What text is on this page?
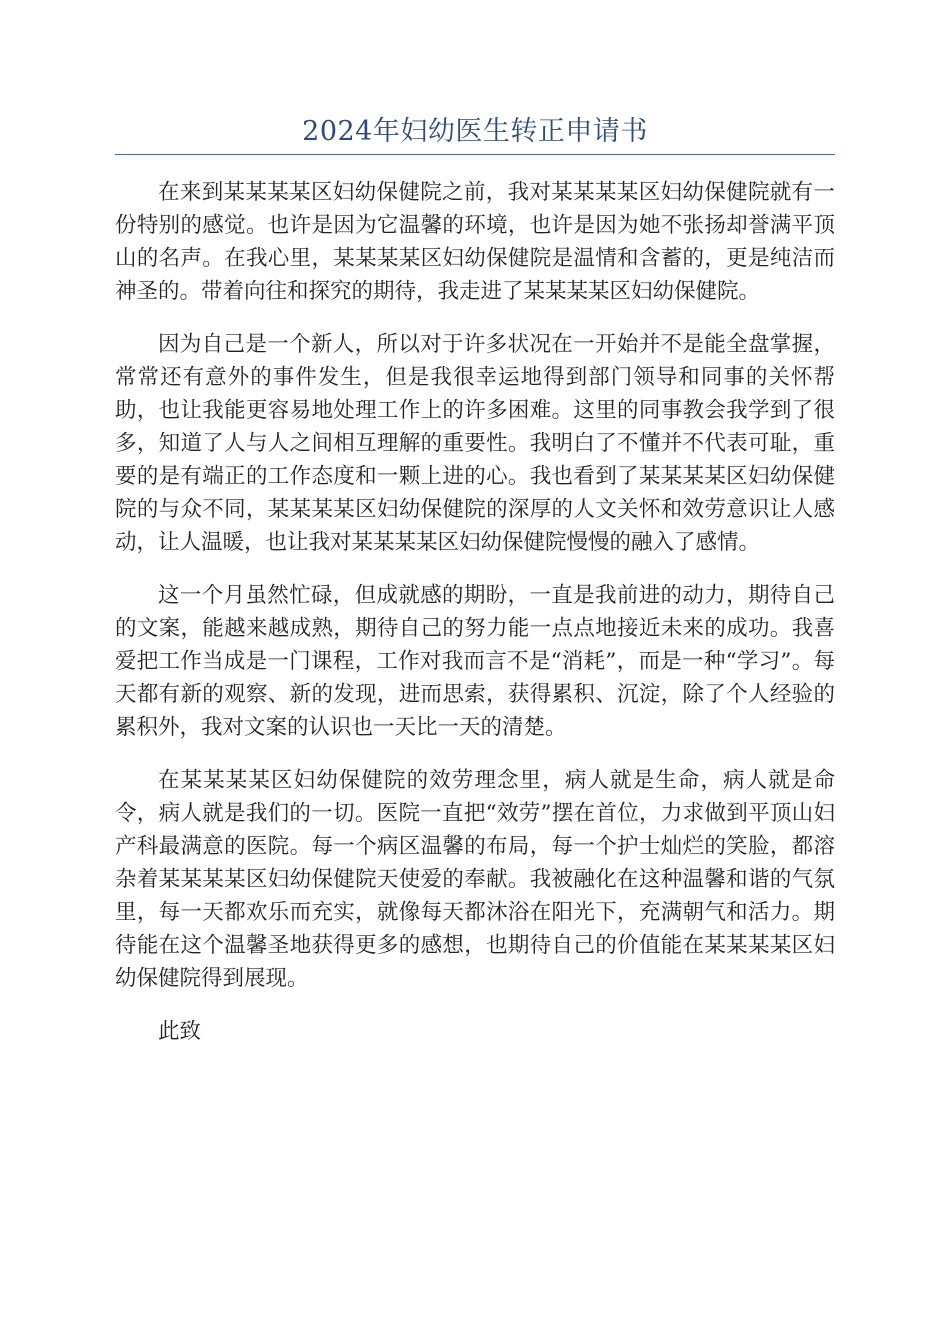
2024年妇幼医生转正申请书

在来到某某某某区妇幼保健院之前，我对某某某某区妇幼保健院就有一份特别的感觉。也许是因为它温馨的环境，也许是因为她不张扬却誉满平顶山的名声。在我心里，某某某某区妇幼保健院是温情和含蓄的，更是纯洁而神圣的。带着向往和探究的期待，我走进了某某某某区妇幼保健院。

因为自己是一个新人，所以对于许多状况在一开始并不是能全盘掌握，常常还有意外的事件发生，但是我很幸运地得到部门领导和同事的关怀帮助，也让我能更容易地处理工作上的许多困难。这里的同事教会我学到了很多，知道了人与人之间相互理解的重要性。我明白了不懂并不代表可耻，重要的是有端正的工作态度和一颗上进的心。我也看到了某某某某区妇幼保健院的与众不同，某某某某区妇幼保健院的深厚的人文关怀和效劳意识让人感动，让人温暖，也让我对某某某某区妇幼保健院慢慢的融入了感情。

这一个月虽然忙碌，但成就感的期盼，一直是我前进的动力，期待自己的文案，能越来越成熟，期待自己的努力能一点点地接近未来的成功。我喜爱把工作当成是一门课程，工作对我而言不是“消耗”，而是一种“学习”。每天都有新的观察、新的发现，进而思索，获得累积、沉淀，除了个人经验的累积外，我对文案的认识也一天比一天的清楚。

在某某某某区妇幼保健院的效劳理念里，病人就是生命，病人就是命令，病人就是我们的一切。医院一直把“效劳”摆在首位，力求做到平顶山妇产科最满意的医院。每一个病区温馨的布局，每一个护士灿烂的笑脸，都溶杂着某某某某区妇幼保健院天使爱的奉献。我被融化在这种温馨和谐的气氛里，每一天都欢乐而充实，就像每天都沐浴在阳光下，充满朝气和活力。期待能在这个温馨圣地获得更多的感想，也期待自己的价值能在某某某某区妇幼保健院得到展现。

此致
